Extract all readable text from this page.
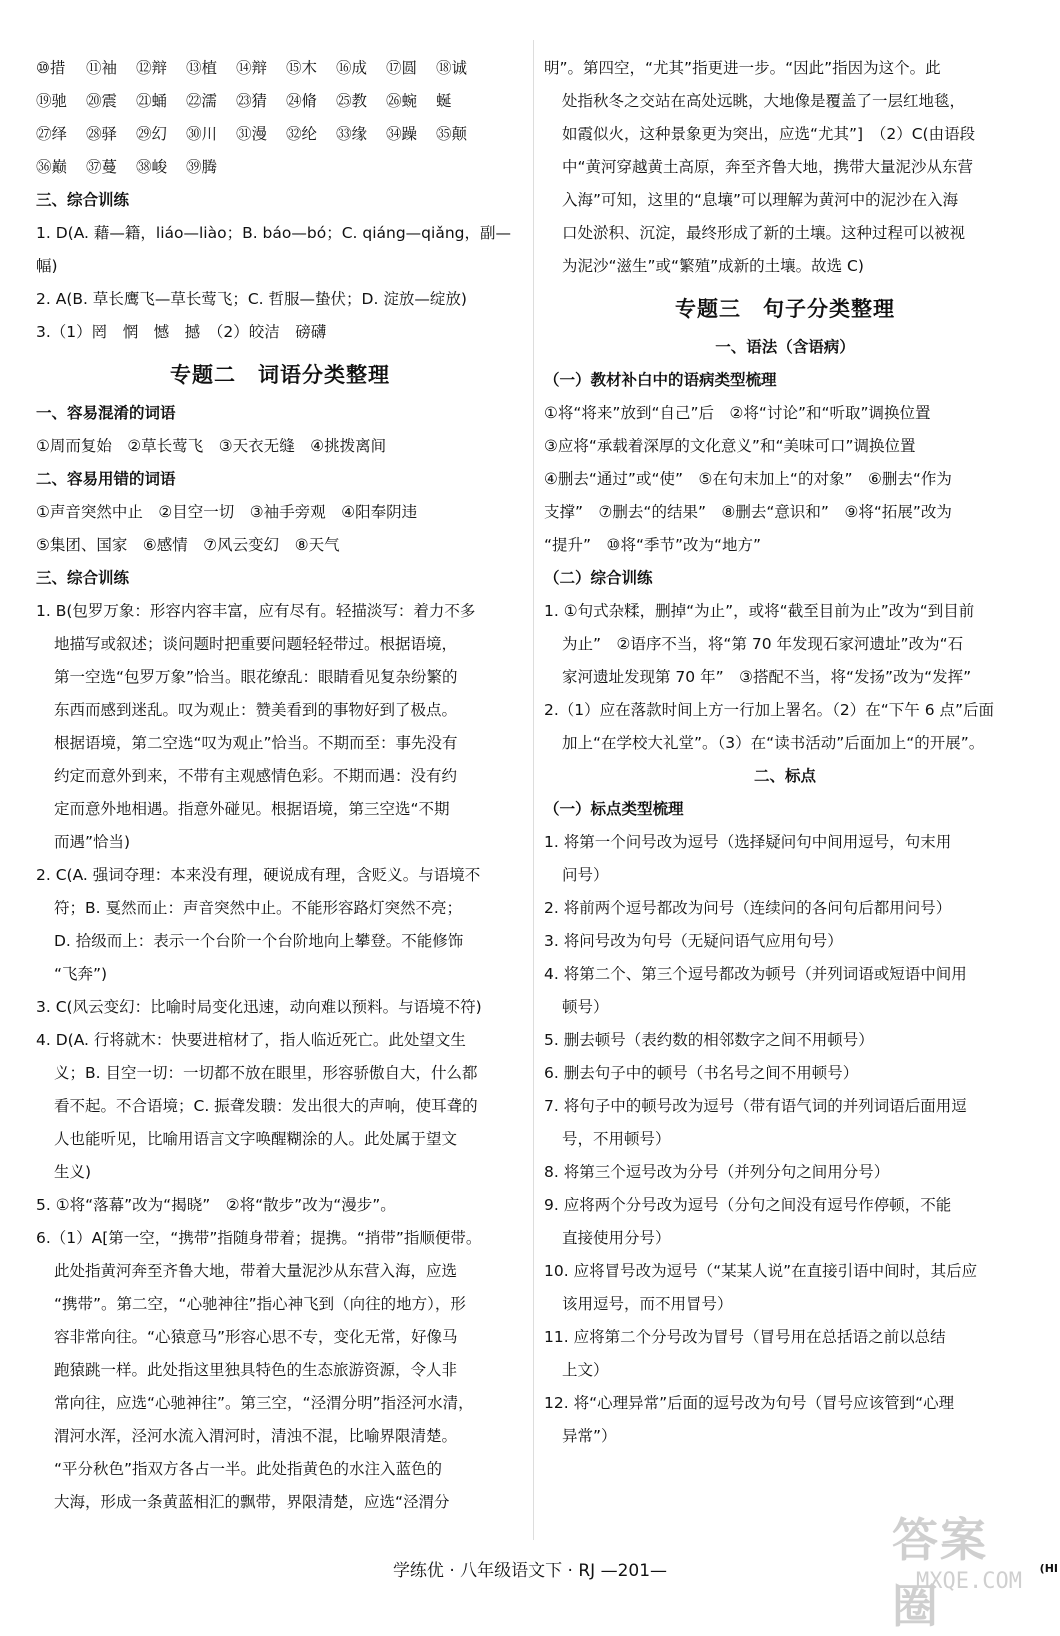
⑩措 ⑪袖 ⑫辩 ⑬植 ⑭辩 ⑮木 ⑯成 ⑰圆 ⑱诚

⑲驰 ⑳震 ㉑蛹 ㉒濡 ㉓猜 ㉔脩 ㉕教 ㉖蜿 蜒

㉗绎 ㉘驿 ㉙幻 ㉚川 ㉛漫 ㉜纶 ㉝缘 ㉞躁 ㉟颠

㊱巅 ㊲蔓 ㊳峻 ㊴腾

三、综合训练

1. D(A. 藉—籍，liáo—liào；B. báo—bó；C. qiáng—qiǎng，副—幅)

2. A(B. 草长鹰飞—草长莺飞；C. 哲服—蛰伏；D. 淀放—绽放)

3.（1）罔　惘　憾　撼　（2）皎洁　磅礴

专题二　词语分类整理

一、容易混淆的词语

①周而复始　②草长莺飞　③天衣无缝　④挑拨离间

二、容易用错的词语

①声音突然中止　②目空一切　③袖手旁观　④阳奉阴违

⑤集团、国家　⑥感情　⑦风云变幻　⑧天气

三、综合训练

1. B(包罗万象：形容内容丰富，应有尽有。轻描淡写：着力不多

地描写或叙述；谈问题时把重要问题轻轻带过。根据语境，

第一空选“包罗万象”恰当。眼花缭乱：眼睛看见复杂纷繁的

东西而感到迷乱。叹为观止：赞美看到的事物好到了极点。

根据语境，第二空选“叹为观止”恰当。不期而至：事先没有

约定而意外到来，不带有主观感情色彩。不期而遇：没有约

定而意外地相遇。指意外碰见。根据语境，第三空选“不期

而遇”恰当)

2. C(A. 强词夺理：本来没有理，硬说成有理，含贬义。与语境不

符；B. 戛然而止：声音突然中止。不能形容路灯突然不亮；

D. 拾级而上：表示一个台阶一个台阶地向上攀登。不能修饰

“飞奔”)

3. C(风云变幻：比喻时局变化迅速，动向难以预料。与语境不符)

4. D(A. 行将就木：快要进棺材了，指人临近死亡。此处望文生

义；B. 目空一切：一切都不放在眼里，形容骄傲自大，什么都

看不起。不合语境；C. 振聋发聩：发出很大的声响，使耳聋的

人也能听见，比喻用语言文字唤醒糊涂的人。此处属于望文

生义)

5. ①将“落幕”改为“揭晓”　②将“散步”改为“漫步”。

6.（1）A[第一空，“携带”指随身带着；提携。“捎带”指顺便带。

此处指黄河奔至齐鲁大地，带着大量泥沙从东营入海，应选

“携带”。第二空，“心驰神往”指心神飞到（向往的地方），形

容非常向往。“心猿意马”形容心思不专，变化无常，好像马

跑猿跳一样。此处指这里独具特色的生态旅游资源，令人非

常向往，应选“心驰神往”。第三空，“泾渭分明”指泾河水清，

渭河水浑，泾河水流入渭河时，清浊不混，比喻界限清楚。

“平分秋色”指双方各占一半。此处指黄色的水注入蓝色的

大海，形成一条黄蓝相汇的飘带，界限清楚，应选“泾渭分

明”。第四空，“尤其”指更进一步。“因此”指因为这个。此

处指秋冬之交站在高处远眺，大地像是覆盖了一层红地毯，

如霞似火，这种景象更为突出，应选“尤其”]　（2）C(由语段

中“黄河穿越黄土高原，奔至齐鲁大地，携带大量泥沙从东营

入海”可知，这里的“息壤”可以理解为黄河中的泥沙在入海

口处淤积、沉淀，最终形成了新的土壤。这种过程可以被视

为泥沙“滋生”或“繁殖”成新的土壤。故选 C)

专题三　句子分类整理

一、语法（含语病）

（一）教材补白中的语病类型梳理

①将“将来”放到“自己”后　②将“讨论”和“听取”调换位置

③应将“承载着深厚的文化意义”和“美味可口”调换位置

④删去“通过”或“使”　⑤在句末加上“的对象”　⑥删去“作为

支撑”　⑦删去“的结果”　⑧删去“意识和”　⑨将“拓展”改为

“提升”　⑩将“季节”改为“地方”

（二）综合训练

1. ①句式杂糅，删掉“为止”，或将“截至目前为止”改为“到目前

为止”　②语序不当，将“第 70 年发现石家河遗址”改为“石

家河遗址发现第 70 年”　③搭配不当，将“发扬”改为“发挥”

2.（1）应在落款时间上方一行加上署名。（2）在“下午 6 点”后面

加上“在学校大礼堂”。（3）在“读书活动”后面加上“的开展”。

二、标点

（一）标点类型梳理

1. 将第一个问号改为逗号（选择疑问句中间用逗号，句末用

问号）

2. 将前两个逗号都改为问号（连续问的各问句后都用问号）

3. 将问号改为句号（无疑问语气应用句号）

4. 将第二个、第三个逗号都改为顿号（并列词语或短语中间用

顿号）

5. 删去顿号（表约数的相邻数字之间不用顿号）

6. 删去句子中的顿号（书名号之间不用顿号）

7. 将句子中的顿号改为逗号（带有语气词的并列词语后面用逗

号，不用顿号）

8. 将第三个逗号改为分号（并列分句之间用分号）

9. 应将两个分号改为逗号（分句之间没有逗号作停顿，不能

直接使用分号）

10. 应将冒号改为逗号（“某某人说”在直接引语中间时，其后应

该用逗号，而不用冒号）

11. 应将第二个分号改为冒号（冒号用在总括语之前以总结

上文）

12. 将“心理异常”后面的逗号改为句号（冒号应该管到“心理

异常”）

学练优 · 八年级语文下 · RJ —201—
答案圈
MXQE.COM
(HI
